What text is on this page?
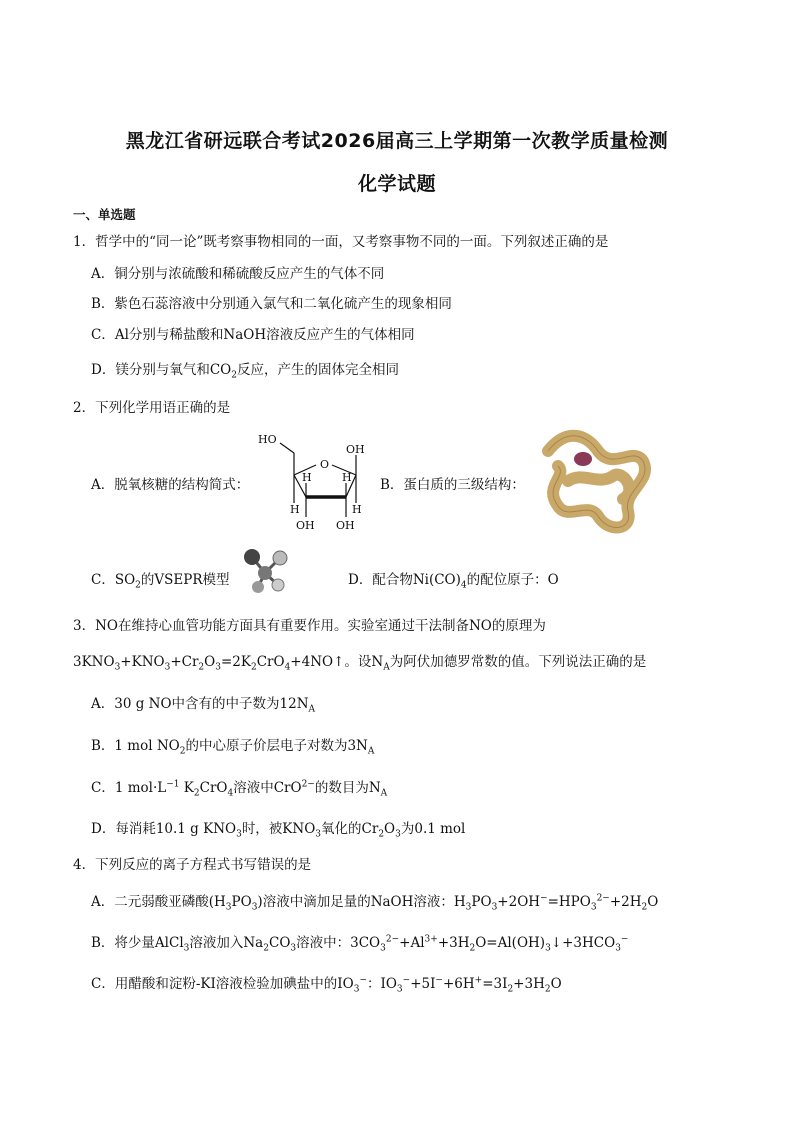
黑龙江省研远联合考试2026届高三上学期第一次教学质量检测
化学试题
一、单选题
1．哲学中的“同一论”既考察事物相同的一面，又考察事物不同的一面。下列叙述正确的是
A．铜分别与浓硫酸和稀硫酸反应产生的气体不同
B．紫色石蕊溶液中分别通入氯气和二氧化硫产生的现象相同
C．Al分别与稀盐酸和NaOH溶液反应产生的气体相同
D．镁分别与氧气和$CO_2$反应，产生的固体完全相同
2．下列化学用语正确的是
A．脱氧核糖的结构简式：
HO
O
H	H
OH
H	H
OH OH
B．蛋白质的三级结构：
C．$SO_2$的VSEPR模型	D．配合物$Ni(CO)_4$的配位原子：O
3．NO在维持心血管功能方面具有重要作用。实验室通过干法制备NO的原理为
$3KNO_3+KNO_3+Cr_2O_3=2K_2CrO_4+4NO↑$。设$N_A$为阿伏加德罗常数的值。下列说法正确的是
A．30 g NO中含有的中子数为$12N_A$
B．1 mol $NO_2$的中心原子价层电子对数为$3N_A$
C．1 $mol\cdot L^{-1}$ $K_2CrO_4$溶液中CrO$^{2-}$的数目为$N_A$
D．每消耗10.1 g $KNO_3$时，被$KNO_3$氧化的$Cr_2O_3$为0.1 mol
4．下列反应的离子方程式书写错误的是
A．二元弱酸亚磷酸$(H_3PO_3)$溶液中滴加足量的NaOH溶液：$H_3PO_3+2OH^-=HPO_3^{2-}+2H_2O$
B．将少量AlCl$_3$溶液加入$Na_2CO_3$溶液中：$3CO_3^{2-}+Al^{3+}+3H_2O=Al(OH)_3↓+3HCO_3^-$
C．用醋酸和淀粉-KI溶液检验加碘盐中的$IO_3^-$：$IO_3^-+5I^-+6H^+=3I_2+3H_2O$
